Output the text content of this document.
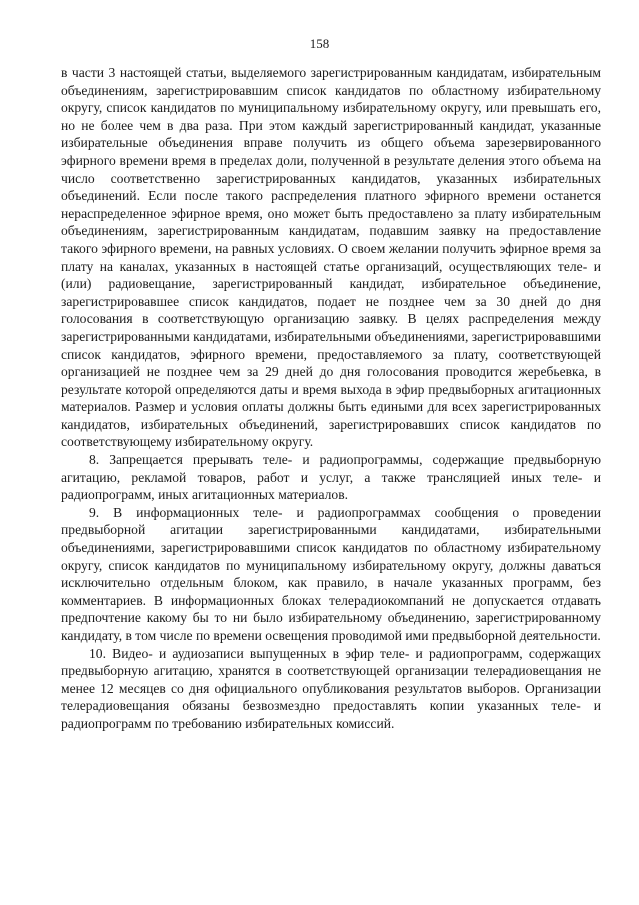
158

в части 3 настоящей статьи, выделяемого зарегистрированным кандидатам, избирательным объединениям, зарегистрировавшим список кандидатов по областному избирательному округу, список кандидатов по муниципальному избирательному округу, или превышать его, но не более чем в два раза. При этом каждый зарегистрированный кандидат, указанные избирательные объединения вправе получить из общего объема зарезервированного эфирного времени время в пределах доли, полученной в результате деления этого объема на число соответственно зарегистрированных кандидатов, указанных избирательных объединений. Если после такого распределения платного эфирного времени останется нераспределенное эфирное время, оно может быть предоставлено за плату избирательным объединениям, зарегистрированным кандидатам, подавшим заявку на предоставление такого эфирного времени, на равных условиях. О своем желании получить эфирное время за плату на каналах, указанных в настоящей статье организаций, осуществляющих теле- и (или) радиовещание, зарегистрированный кандидат, избирательное объединение, зарегистрировавшее список кандидатов, подает не позднее чем за 30 дней до дня голосования в соответствующую организацию заявку. В целях распределения между зарегистрированными кандидатами, избирательными объединениями, зарегистрировавшими список кандидатов, эфирного времени, предоставляемого за плату, соответствующей организацией не позднее чем за 29 дней до дня голосования проводится жеребьевка, в результате которой определяются даты и время выхода в эфир предвыборных агитационных материалов. Размер и условия оплаты должны быть едиными для всех зарегистрированных кандидатов, избирательных объединений, зарегистрировавших список кандидатов по соответствующему избирательному округу.

8. Запрещается прерывать теле- и радиопрограммы, содержащие предвыборную агитацию, рекламой товаров, работ и услуг, а также трансляцией иных теле- и радиопрограмм, иных агитационных материалов.

9. В информационных теле- и радиопрограммах сообщения о проведении предвыборной агитации зарегистрированными кандидатами, избирательными объединениями, зарегистрировавшими список кандидатов по областному избирательному округу, список кандидатов по муниципальному избирательному округу, должны даваться исключительно отдельным блоком, как правило, в начале указанных программ, без комментариев. В информационных блоках телерадиокомпаний не допускается отдавать предпочтение какому бы то ни было избирательному объединению, зарегистрированному кандидату, в том числе по времени освещения проводимой ими предвыборной деятельности.

10. Видео- и аудиозаписи выпущенных в эфир теле- и радиопрограмм, содержащих предвыборную агитацию, хранятся в соответствующей организации телерадиовещания не менее 12 месяцев со дня официального опубликования результатов выборов. Организации телерадиовещания обязаны безвозмездно предоставлять копии указанных теле- и радиопрограмм по требованию избирательных комиссий.
